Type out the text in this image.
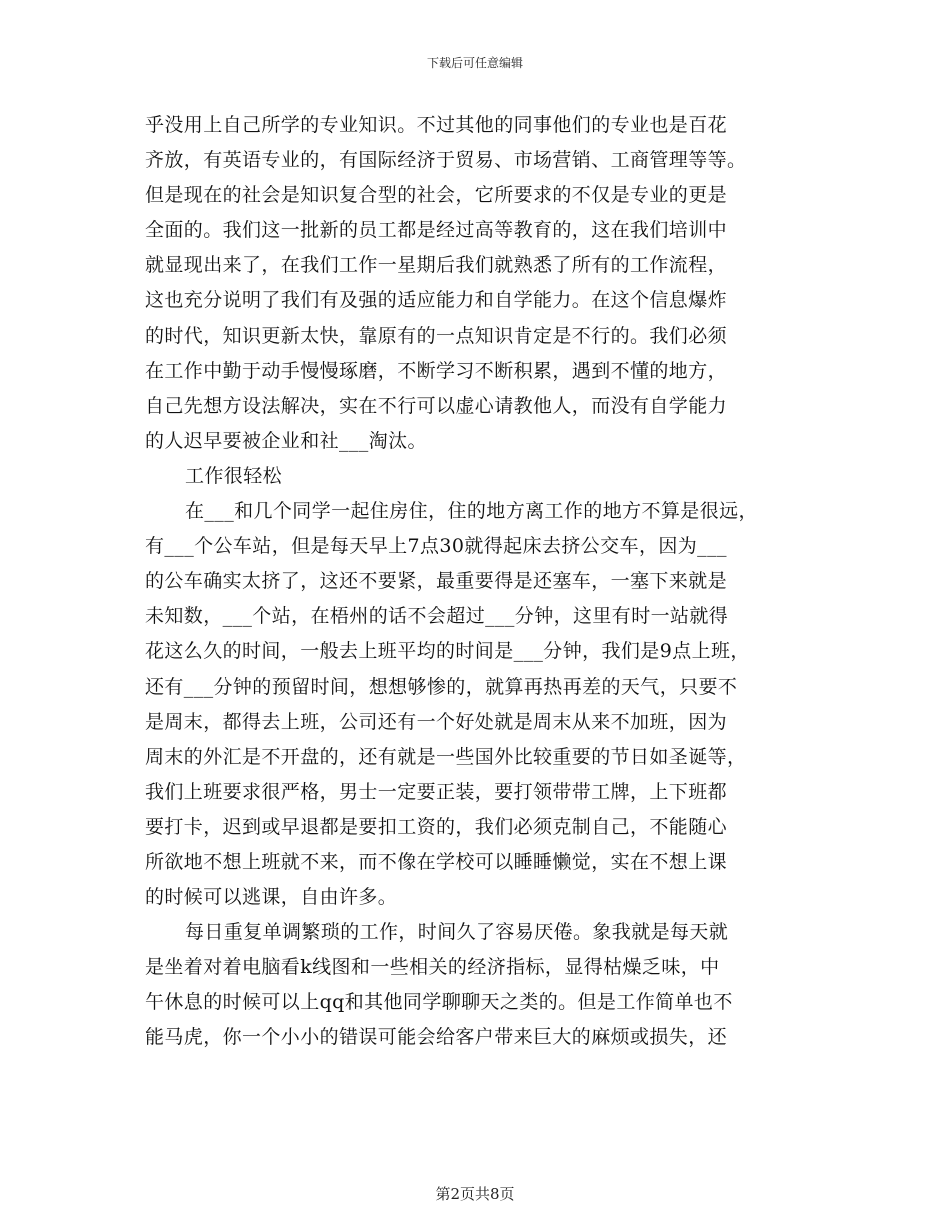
下载后可任意编辑
乎没用上自己所学的专业知识。不过其他的同事他们的专业也是百花
齐放，有英语专业的，有国际经济于贸易、市场营销、工商管理等等。
但是现在的社会是知识复合型的社会，它所要求的不仅是专业的更是
全面的。我们这一批新的员工都是经过高等教育的，这在我们培训中
就显现出来了，在我们工作一星期后我们就熟悉了所有的工作流程，
这也充分说明了我们有及强的适应能力和自学能力。在这个信息爆炸
的时代，知识更新太快，靠原有的一点知识肯定是不行的。我们必须
在工作中勤于动手慢慢琢磨，不断学习不断积累，遇到不懂的地方，
自己先想方设法解决，实在不行可以虚心请教他人，而没有自学能力
的人迟早要被企业和社___淘汰。
工作很轻松
在___和几个同学一起住房住，住的地方离工作的地方不算是很远，
有___个公车站，但是每天早上7点30就得起床去挤公交车，因为___
的公车确实太挤了，这还不要紧，最重要得是还塞车，一塞下来就是
未知数，___个站，在梧州的话不会超过___分钟，这里有时一站就得
花这么久的时间，一般去上班平均的时间是___分钟，我们是9点上班，
还有___分钟的预留时间，想想够惨的，就算再热再差的天气，只要不
是周末，都得去上班，公司还有一个好处就是周末从来不加班，因为
周末的外汇是不开盘的，还有就是一些国外比较重要的节日如圣诞等，
我们上班要求很严格，男士一定要正装，要打领带带工牌，上下班都
要打卡，迟到或早退都是要扣工资的，我们必须克制自己，不能随心
所欲地不想上班就不来，而不像在学校可以睡睡懒觉，实在不想上课
的时候可以逃课，自由许多。
每日重复单调繁琐的工作，时间久了容易厌倦。象我就是每天就
是坐着对着电脑看k线图和一些相关的经济指标，显得枯燥乏味，中
午休息的时候可以上qq和其他同学聊聊天之类的。但是工作简单也不
能马虎，你一个小小的错误可能会给客户带来巨大的麻烦或损失，还
第2页共8页
